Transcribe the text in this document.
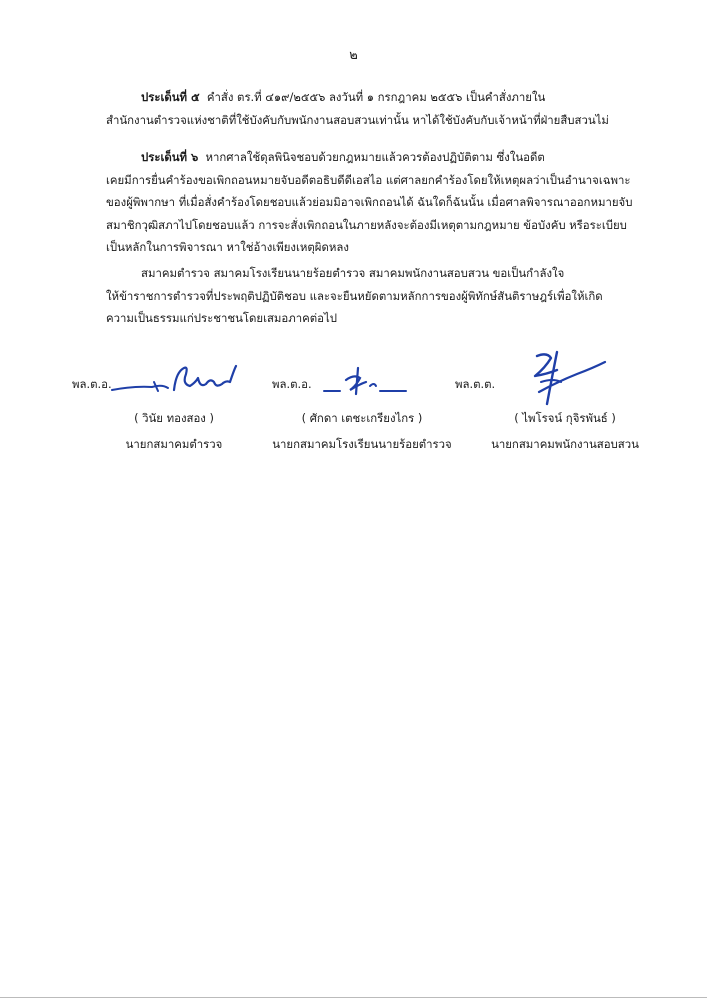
๒

ประเด็นที่ ๕ คำสั่ง ตร.ที่ ๔๑๙/๒๕๕๖ ลงวันที่ ๑ กรกฎาคม ๒๕๕๖ เป็นคำสั่งภายใน
สำนักงานตำรวจแห่งชาติที่ใช้บังคับกับพนักงานสอบสวนเท่านั้น หาได้ใช้บังคับกับเจ้าหน้าที่ฝ่ายสืบสวนไม่

ประเด็นที่ ๖ หากศาลใช้ดุลพินิจชอบด้วยกฎหมายแล้วควรต้องปฏิบัติตาม ซึ่งในอดีต
เคยมีการยื่นคำร้องขอเพิกถอนหมายจับอดีตอธิบดีดีเอสไอ แต่ศาลยกคำร้องโดยให้เหตุผลว่าเป็นอำนาจเฉพาะ
ของผู้พิพากษา ที่เมื่อสั่งคำร้องโดยชอบแล้วย่อมมิอาจเพิกถอนได้ ฉันใดก็ฉันนั้น เมื่อศาลพิจารณาออกหมายจับ
สมาชิกวุฒิสภาไปโดยชอบแล้ว การจะสั่งเพิกถอนในภายหลังจะต้องมีเหตุตามกฎหมาย ข้อบังคับ หรือระเบียบ
เป็นหลักในการพิจารณา หาใช่อ้างเพียงเหตุผิดหลง

สมาคมตำรวจ สมาคมโรงเรียนนายร้อยตำรวจ สมาคมพนักงานสอบสวน ขอเป็นกำลังใจ
ให้ข้าราชการตำรวจที่ประพฤติปฏิบัติชอบ และจะยืนหยัดตามหลักการของผู้พิทักษ์สันติราษฎร์เพื่อให้เกิด
ความเป็นธรรมแก่ประชาชนโดยเสมอภาคต่อไป

พล.ต.อ.
( วินัย ทองสอง )
นายกสมาคมตำรวจ
พล.ต.อ.
( ศักดา เตชะเกรียงไกร )
นายกสมาคมโรงเรียนนายร้อยตำรวจ
พล.ต.ต.
( ไพโรจน์ กุจิรพันธ์ )
นายกสมาคมพนักงานสอบสวน
